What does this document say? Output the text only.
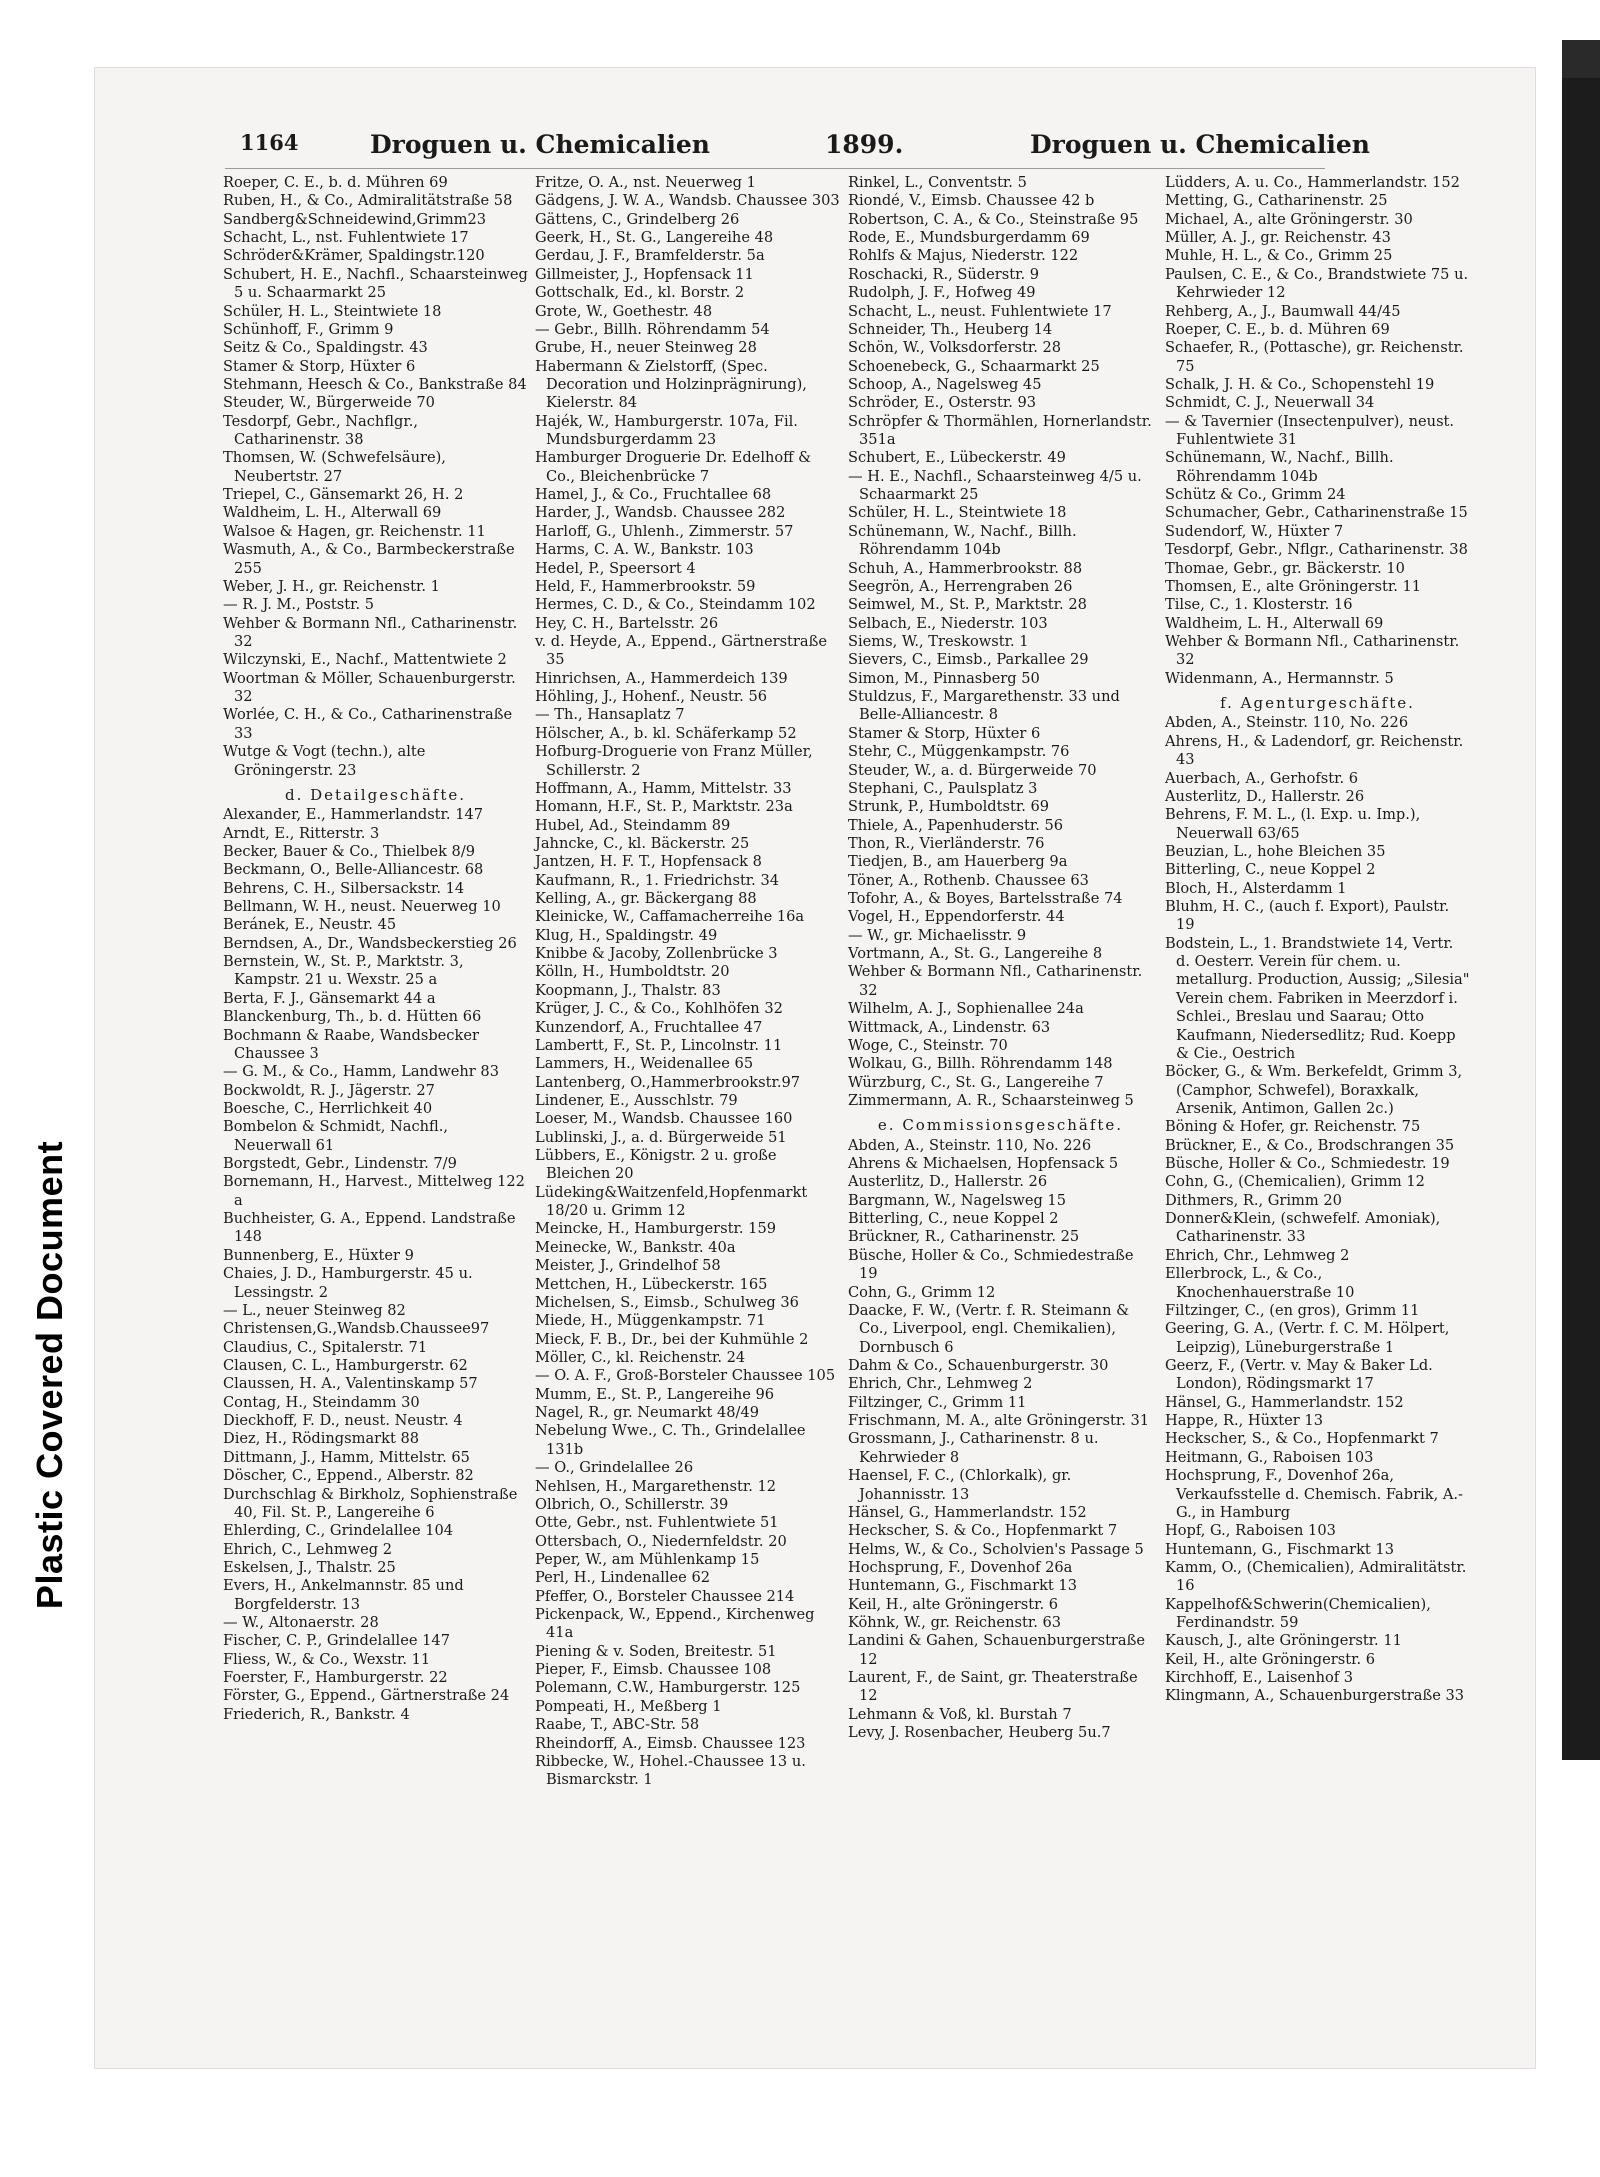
Plastic Covered Document
1164	Droguen u. Chemicalien	1899.	Droguen u. Chemicalien

Roeper, C. E., b. d. Mühren 69

Ruben, H., & Co., Admiralitätstraße 58

Sandberg&Schneidewind,Grimm23

Schacht, L., nst. Fuhlentwiete 17

Schröder&Krämer, Spaldingstr.120

Schubert, H. E., Nachfl., Schaarsteinweg 5 u. Schaarmarkt 25

Schüler, H. L., Steintwiete 18

Schünhoff, F., Grimm 9

Seitz & Co., Spaldingstr. 43

Stamer & Storp, Hüxter 6

Stehmann, Heesch & Co., Bankstraße 84

Steuder, W., Bürgerweide 70

Tesdorpf, Gebr., Nachflgr., Catharinenstr. 38

Thomsen, W. (Schwefelsäure), Neubertstr. 27

Triepel, C., Gänsemarkt 26, H. 2

Waldheim, L. H., Alterwall 69

Walsoe & Hagen, gr. Reichenstr. 11

Wasmuth, A., & Co., Barmbeckerstraße 255

Weber, J. H., gr. Reichenstr. 1

— R. J. M., Poststr. 5

Wehber & Bormann Nfl., Catharinenstr. 32

Wilczynski, E., Nachf., Mattentwiete 2

Woortman & Möller, Schauenburgerstr. 32

Worlée, C. H., & Co., Catharinenstraße 33

Wutge & Vogt (techn.), alte Gröningerstr. 23

d. Detailgeschäfte.

Alexander, E., Hammerlandstr. 147

Arndt, E., Ritterstr. 3

Becker, Bauer & Co., Thielbek 8/9

Beckmann, O., Belle-Alliancestr. 68

Behrens, C. H., Silbersackstr. 14

Bellmann, W. H., neust. Neuerweg 10

Beránek, E., Neustr. 45

Berndsen, A., Dr., Wandsbeckerstieg 26

Bernstein, W., St. P., Marktstr. 3, Kampstr. 21 u. Wexstr. 25 a

Berta, F. J., Gänsemarkt 44 a

Blanckenburg, Th., b. d. Hütten 66

Bochmann & Raabe, Wandsbecker Chaussee 3

— G. M., & Co., Hamm, Landwehr 83

Bockwoldt, R. J., Jägerstr. 27

Boesche, C., Herrlichkeit 40

Bombelon & Schmidt, Nachfl., Neuerwall 61

Borgstedt, Gebr., Lindenstr. 7/9

Bornemann, H., Harvest., Mittelweg 122 a

Buchheister, G. A., Eppend. Landstraße 148

Bunnenberg, E., Hüxter 9

Chaies, J. D., Hamburgerstr. 45 u. Lessingstr. 2

— L., neuer Steinweg 82

Christensen,G.,Wandsb.Chaussee97

Claudius, C., Spitalerstr. 71

Clausen, C. L., Hamburgerstr. 62

Claussen, H. A., Valentinskamp 57

Contag, H., Steindamm 30

Dieckhoff, F. D., neust. Neustr. 4

Diez, H., Rödingsmarkt 88

Dittmann, J., Hamm, Mittelstr. 65

Döscher, C., Eppend., Alberstr. 82

Durchschlag & Birkholz, Sophienstraße 40, Fil. St. P., Langereihe 6

Ehlerding, C., Grindelallee 104

Ehrich, C., Lehmweg 2

Eskelsen, J., Thalstr. 25

Evers, H., Ankelmannstr. 85 und Borgfelderstr. 13

— W., Altonaerstr. 28

Fischer, C. P., Grindelallee 147

Fliess, W., & Co., Wexstr. 11

Foerster, F., Hamburgerstr. 22

Förster, G., Eppend., Gärtnerstraße 24

Friederich, R., Bankstr. 4

Fritze, O. A., nst. Neuerweg 1

Gädgens, J. W. A., Wandsb. Chaussee 303

Gättens, C., Grindelberg 26

Geerk, H., St. G., Langereihe 48

Gerdau, J. F., Bramfelderstr. 5a

Gillmeister, J., Hopfensack 11

Gottschalk, Ed., kl. Borstr. 2

Grote, W., Goethestr. 48

— Gebr., Billh. Röhrendamm 54

Grube, H., neuer Steinweg 28

Habermann & Zielstorff, (Spec. Decoration und Holzinprägnirung), Kielerstr. 84

Hajék, W., Hamburgerstr. 107a, Fil. Mundsburgerdamm 23

Hamburger Droguerie Dr. Edelhoff & Co., Bleichenbrücke 7

Hamel, J., & Co., Fruchtallee 68

Harder, J., Wandsb. Chaussee 282

Harloff, G., Uhlenh., Zimmerstr. 57

Harms, C. A. W., Bankstr. 103

Hedel, P., Speersort 4

Held, F., Hammerbrookstr. 59

Hermes, C. D., & Co., Steindamm 102

Hey, C. H., Bartelsstr. 26

v. d. Heyde, A., Eppend., Gärtnerstraße 35

Hinrichsen, A., Hammerdeich 139

Höhling, J., Hohenf., Neustr. 56

— Th., Hansaplatz 7

Hölscher, A., b. kl. Schäferkamp 52

Hofburg-Droguerie von Franz Müller, Schillerstr. 2

Hoffmann, A., Hamm, Mittelstr. 33

Homann, H.F., St. P., Marktstr. 23a

Hubel, Ad., Steindamm 89

Jahncke, C., kl. Bäckerstr. 25

Jantzen, H. F. T., Hopfensack 8

Kaufmann, R., 1. Friedrichstr. 34

Kelling, A., gr. Bäckergang 88

Kleinicke, W., Caffamacherreihe 16a

Klug, H., Spaldingstr. 49

Knibbe & Jacoby, Zollenbrücke 3

Kölln, H., Humboldtstr. 20

Koopmann, J., Thalstr. 83

Krüger, J. C., & Co., Kohlhöfen 32

Kunzendorf, A., Fruchtallee 47

Lambertt, F., St. P., Lincolnstr. 11

Lammers, H., Weidenallee 65

Lantenberg, O.,Hammerbrookstr.97

Lindener, E., Ausschlstr. 79

Loeser, M., Wandsb. Chaussee 160

Lublinski, J., a. d. Bürgerweide 51

Lübbers, E., Königstr. 2 u. große Bleichen 20

Lüdeking&Waitzenfeld,Hopfenmarkt 18/20 u. Grimm 12

Meincke, H., Hamburgerstr. 159

Meinecke, W., Bankstr. 40a

Meister, J., Grindelhof 58

Mettchen, H., Lübeckerstr. 165

Michelsen, S., Eimsb., Schulweg 36

Miede, H., Müggenkampstr. 71

Mieck, F. B., Dr., bei der Kuhmühle 2

Möller, C., kl. Reichenstr. 24

— O. A. F., Groß-Borsteler Chaussee 105

Mumm, E., St. P., Langereihe 96

Nagel, R., gr. Neumarkt 48/49

Nebelung Wwe., C. Th., Grindelallee 131b

— O., Grindelallee 26

Nehlsen, H., Margarethenstr. 12

Olbrich, O., Schillerstr. 39

Otte, Gebr., nst. Fuhlentwiete 51

Ottersbach, O., Niedernfeldstr. 20

Peper, W., am Mühlenkamp 15

Perl, H., Lindenallee 62

Pfeffer, O., Borsteler Chaussee 214

Pickenpack, W., Eppend., Kirchenweg 41a

Piening & v. Soden, Breitestr. 51

Pieper, F., Eimsb. Chaussee 108

Polemann, C.W., Hamburgerstr. 125

Pompeati, H., Meßberg 1

Raabe, T., ABC-Str. 58

Rheindorff, A., Eimsb. Chaussee 123

Ribbecke, W., Hohel.-Chaussee 13 u. Bismarckstr. 1

Rinkel, L., Conventstr. 5

Riondé, V., Eimsb. Chaussee 42 b

Robertson, C. A., & Co., Steinstraße 95

Rode, E., Mundsburgerdamm 69

Rohlfs & Majus, Niederstr. 122

Roschacki, R., Süderstr. 9

Rudolph, J. F., Hofweg 49

Schacht, L., neust. Fuhlentwiete 17

Schneider, Th., Heuberg 14

Schön, W., Volksdorferstr. 28

Schoenebeck, G., Schaarmarkt 25

Schoop, A., Nagelsweg 45

Schröder, E., Osterstr. 93

Schröpfer & Thormählen, Hornerlandstr. 351a

Schubert, E., Lübeckerstr. 49

— H. E., Nachfl., Schaarsteinweg 4/5 u. Schaarmarkt 25

Schüler, H. L., Steintwiete 18

Schünemann, W., Nachf., Billh. Röhrendamm 104b

Schuh, A., Hammerbrookstr. 88

Seegrön, A., Herrengraben 26

Seimwel, M., St. P., Marktstr. 28

Selbach, E., Niederstr. 103

Siems, W., Treskowstr. 1

Sievers, C., Eimsb., Parkallee 29

Simon, M., Pinnasberg 50

Stuldzus, F., Margarethenstr. 33 und Belle-Alliancestr. 8

Stamer & Storp, Hüxter 6

Stehr, C., Müggenkampstr. 76

Steuder, W., a. d. Bürgerweide 70

Stephani, C., Paulsplatz 3

Strunk, P., Humboldtstr. 69

Thiele, A., Papenhuderstr. 56

Thon, R., Vierländerstr. 76

Tiedjen, B., am Hauerberg 9a

Töner, A., Rothenb. Chaussee 63

Tofohr, A., & Boyes, Bartelsstraße 74

Vogel, H., Eppendorferstr. 44

— W., gr. Michaelisstr. 9

Vortmann, A., St. G., Langereihe 8

Wehber & Bormann Nfl., Catharinenstr. 32

Wilhelm, A. J., Sophienallee 24a

Wittmack, A., Lindenstr. 63

Woge, C., Steinstr. 70

Wolkau, G., Billh. Röhrendamm 148

Würzburg, C., St. G., Langereihe 7

Zimmermann, A. R., Schaarsteinweg 5

e. Commissionsgeschäfte.

Abden, A., Steinstr. 110, No. 226

Ahrens & Michaelsen, Hopfensack 5

Austerlitz, D., Hallerstr. 26

Bargmann, W., Nagelsweg 15

Bitterling, C., neue Koppel 2

Brückner, R., Catharinenstr. 25

Büsche, Holler & Co., Schmiedestraße 19

Cohn, G., Grimm 12

Daacke, F. W., (Vertr. f. R. Steimann & Co., Liverpool, engl. Chemikalien), Dornbusch 6

Dahm & Co., Schauenburgerstr. 30

Ehrich, Chr., Lehmweg 2

Filtzinger, C., Grimm 11

Frischmann, M. A., alte Gröningerstr. 31

Grossmann, J., Catharinenstr. 8 u. Kehrwieder 8

Haensel, F. C., (Chlorkalk), gr. Johannisstr. 13

Hänsel, G., Hammerlandstr. 152

Heckscher, S. & Co., Hopfenmarkt 7

Helms, W., & Co., Scholvien's Passage 5

Hochsprung, F., Dovenhof 26a

Huntemann, G., Fischmarkt 13

Keil, H., alte Gröningerstr. 6

Köhnk, W., gr. Reichenstr. 63

Landini & Gahen, Schauenburgerstraße 12

Laurent, F., de Saint, gr. Theaterstraße 12

Lehmann & Voß, kl. Burstah 7

Levy, J. Rosenbacher, Heuberg 5u.7

Lüdders, A. u. Co., Hammerlandstr. 152

Metting, G., Catharinenstr. 25

Michael, A., alte Gröningerstr. 30

Müller, A. J., gr. Reichenstr. 43

Muhle, H. L., & Co., Grimm 25

Paulsen, C. E., & Co., Brandstwiete 75 u. Kehrwieder 12

Rehberg, A., J., Baumwall 44/45

Roeper, C. E., b. d. Mühren 69

Schaefer, R., (Pottasche), gr. Reichenstr. 75

Schalk, J. H. & Co., Schopenstehl 19

Schmidt, C. J., Neuerwall 34

— & Tavernier (Insectenpulver), neust. Fuhlentwiete 31

Schünemann, W., Nachf., Billh. Röhrendamm 104b

Schütz & Co., Grimm 24

Schumacher, Gebr., Catharinenstraße 15

Sudendorf, W., Hüxter 7

Tesdorpf, Gebr., Nflgr., Catharinenstr. 38

Thomae, Gebr., gr. Bäckerstr. 10

Thomsen, E., alte Gröningerstr. 11

Tilse, C., 1. Klosterstr. 16

Waldheim, L. H., Alterwall 69

Wehber & Bormann Nfl., Catharinenstr. 32

Widenmann, A., Hermannstr. 5

f. Agenturgeschäfte.

Abden, A., Steinstr. 110, No. 226

Ahrens, H., & Ladendorf, gr. Reichenstr. 43

Auerbach, A., Gerhofstr. 6

Austerlitz, D., Hallerstr. 26

Behrens, F. M. L., (l. Exp. u. Imp.), Neuerwall 63/65

Beuzian, L., hohe Bleichen 35

Bitterling, C., neue Koppel 2

Bloch, H., Alsterdamm 1

Bluhm, H. C., (auch f. Export), Paulstr. 19

Bodstein, L., 1. Brandstwiete 14, Vertr. d. Oesterr. Verein für chem. u. metallurg. Production, Aussig; „Silesia" Verein chem. Fabriken in Meerzdorf i. Schlei., Breslau und Saarau; Otto Kaufmann, Niedersedlitz; Rud. Koepp & Cie., Oestrich

Böcker, G., & Wm. Berkefeldt, Grimm 3, (Camphor, Schwefel), Boraxkalk, Arsenik, Antimon, Gallen 2c.)

Böning & Hofer, gr. Reichenstr. 75

Brückner, E., & Co., Brodschrangen 35

Büsche, Holler & Co., Schmiedestr. 19

Cohn, G., (Chemicalien), Grimm 12

Dithmers, R., Grimm 20

Donner&Klein, (schwefelf. Amoniak), Catharinenstr. 33

Ehrich, Chr., Lehmweg 2

Ellerbrock, L., & Co., Knochenhauerstraße 10

Filtzinger, C., (en gros), Grimm 11

Geering, G. A., (Vertr. f. C. M. Hölpert, Leipzig), Lüneburgerstraße 1

Geerz, F., (Vertr. v. May & Baker Ld. London), Rödingsmarkt 17

Hänsel, G., Hammerlandstr. 152

Happe, R., Hüxter 13

Heckscher, S., & Co., Hopfenmarkt 7

Heitmann, G., Raboisen 103

Hochsprung, F., Dovenhof 26a, Verkaufsstelle d. Chemisch. Fabrik, A.-G., in Hamburg

Hopf, G., Raboisen 103

Huntemann, G., Fischmarkt 13

Kamm, O., (Chemicalien), Admiralitätstr. 16

Kappelhof&Schwerin(Chemicalien), Ferdinandstr. 59

Kausch, J., alte Gröningerstr. 11

Keil, H., alte Gröningerstr. 6

Kirchhoff, E., Laisenhof 3

Klingmann, A., Schauenburgerstraße 33
